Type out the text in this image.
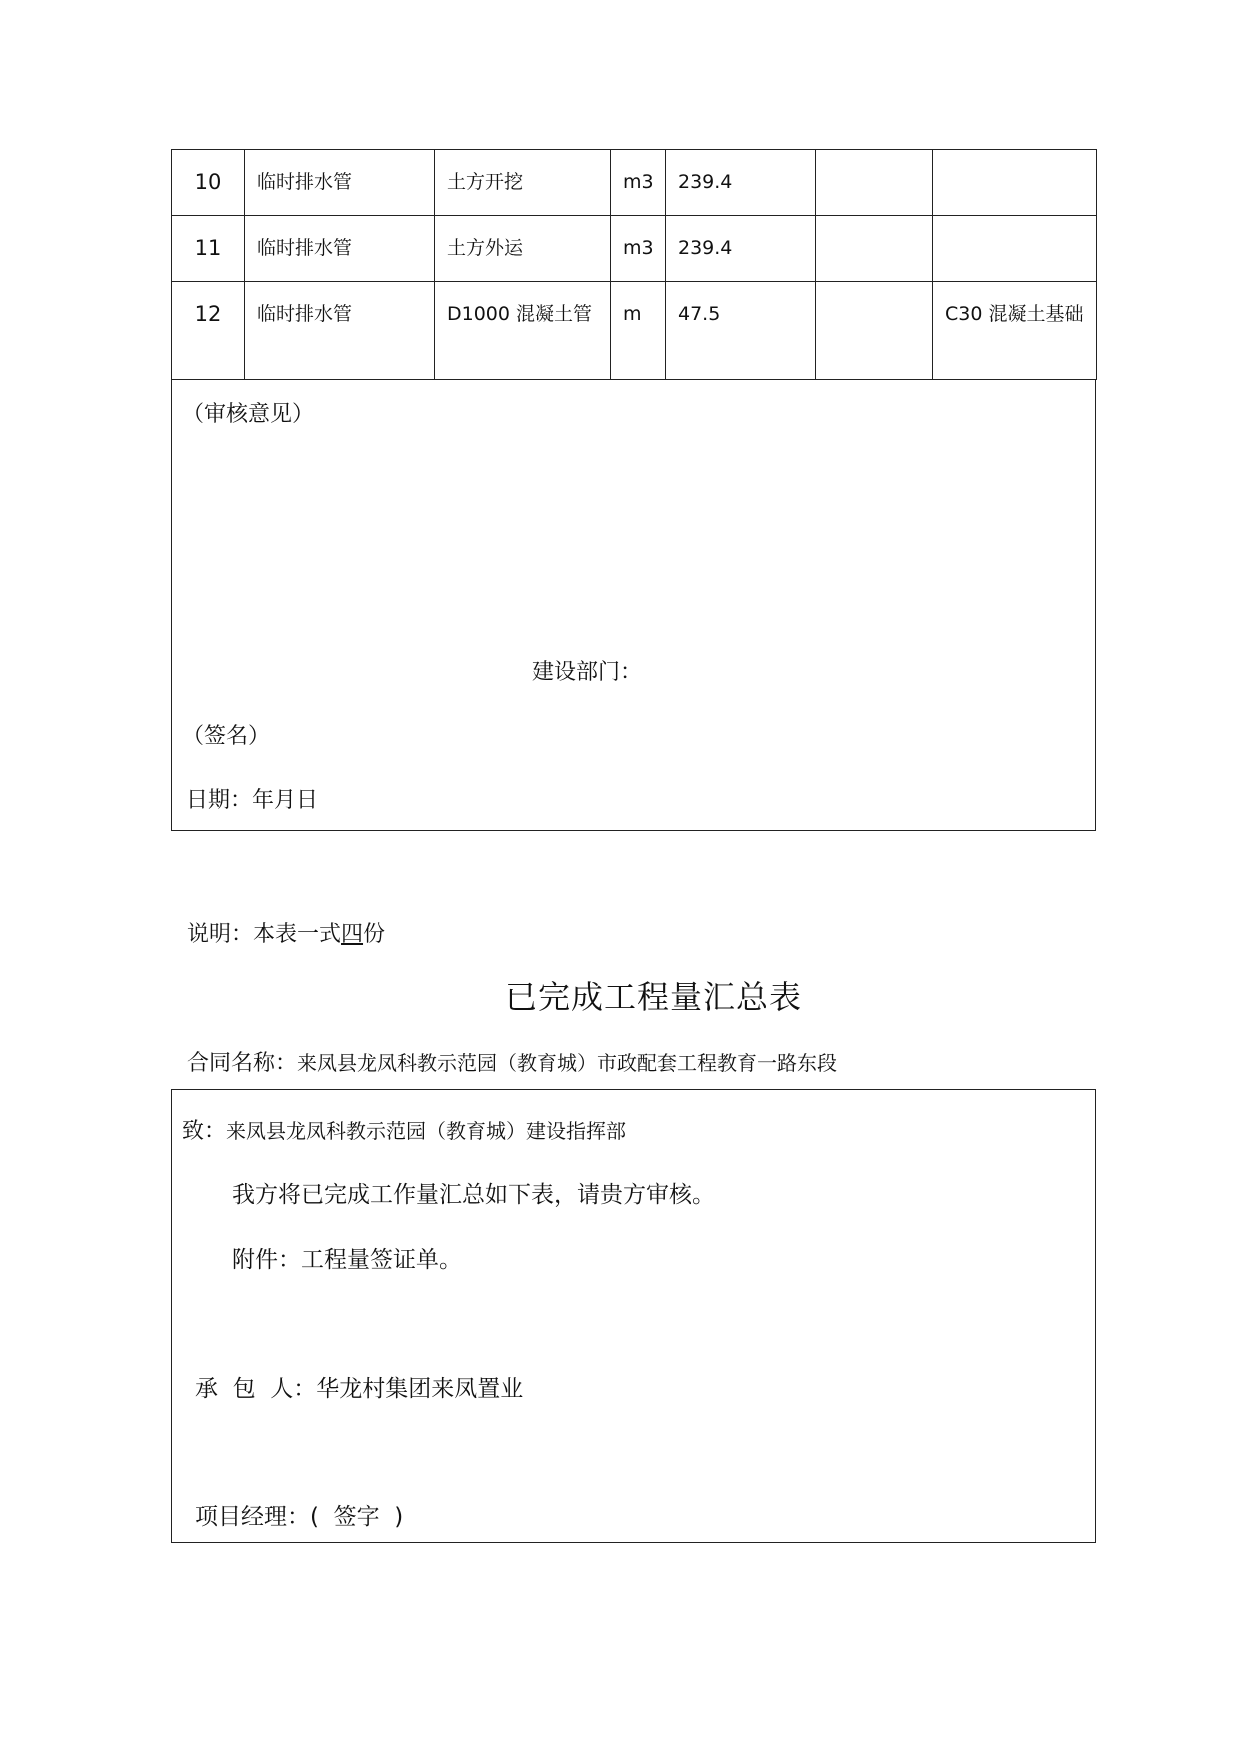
10	临时排水管	土方开挖	m3	239.4		
11	临时排水管	土方外运	m3	239.4		
12	临时排水管	D1000 混凝土管	m	47.5		C30 混凝土基础
（审核意见）
建设部门：
（签名）
日期：年月日
说明：本表一式四份
已完成工程量汇总表
合同名称：来凤县龙凤科教示范园（教育城）市政配套工程教育一路东段
致：来凤县龙凤科教示范园（教育城）建设指挥部
我方将已完成工作量汇总如下表，请贵方审核。
附件：工程量签证单。
承  包  人：华龙村集团来凤置业
项目经理：(  签字  )
